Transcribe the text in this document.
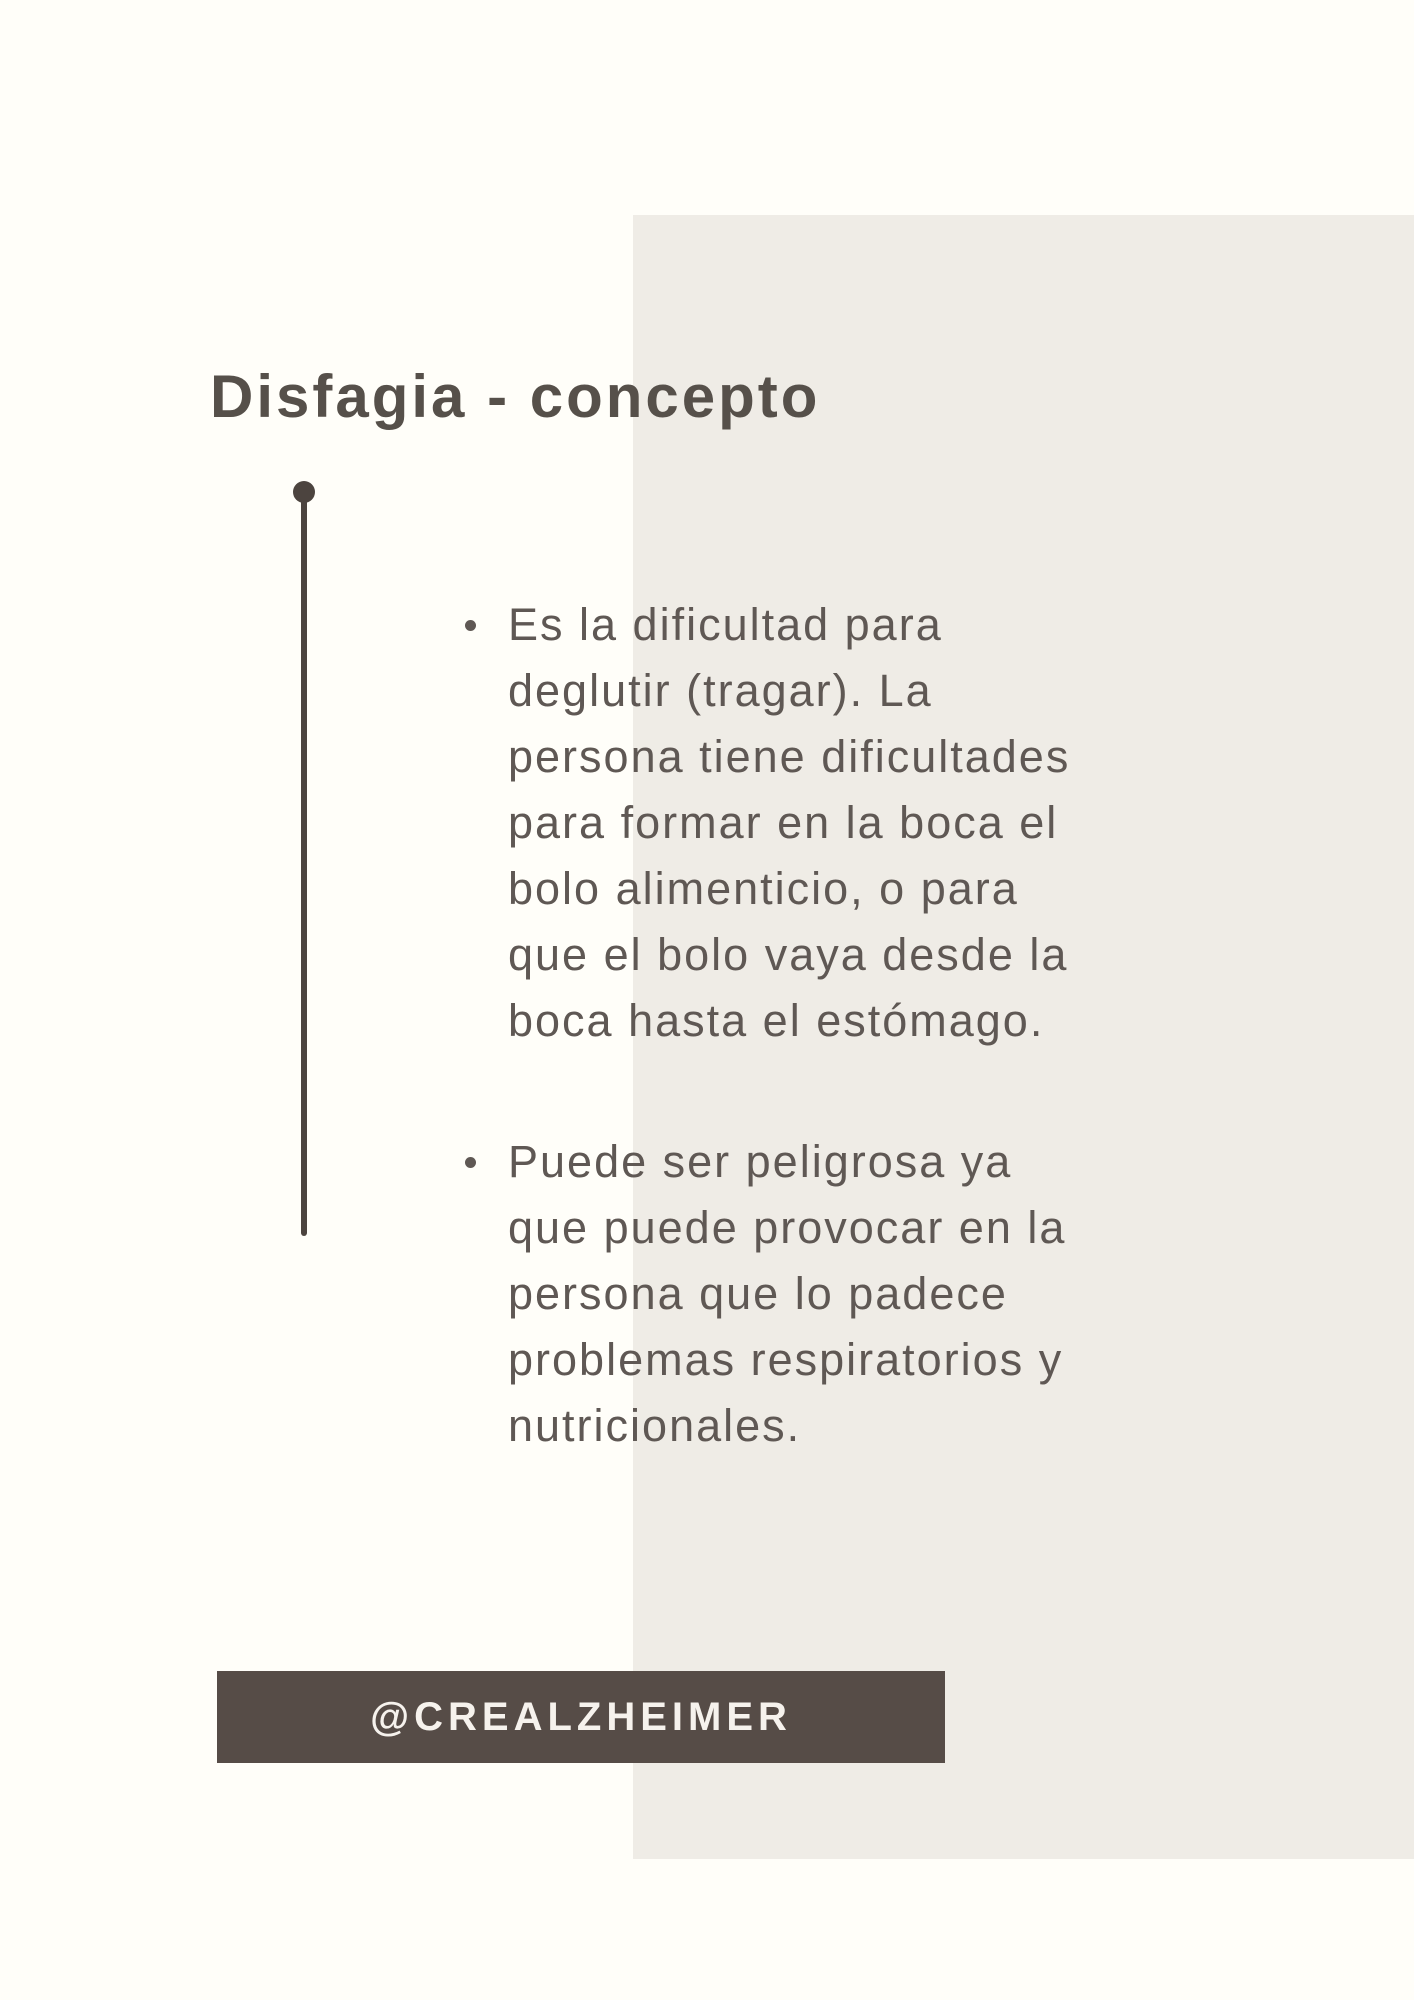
Disfagia - concepto
Es la dificultad para
deglutir (tragar). La
persona tiene dificultades
para formar en la boca el
bolo alimenticio, o para
que el bolo vaya desde la
boca hasta el estómago.
Puede ser peligrosa ya
que puede provocar en la
persona que lo padece
problemas respiratorios y
nutricionales.
@CREALZHEIMER
